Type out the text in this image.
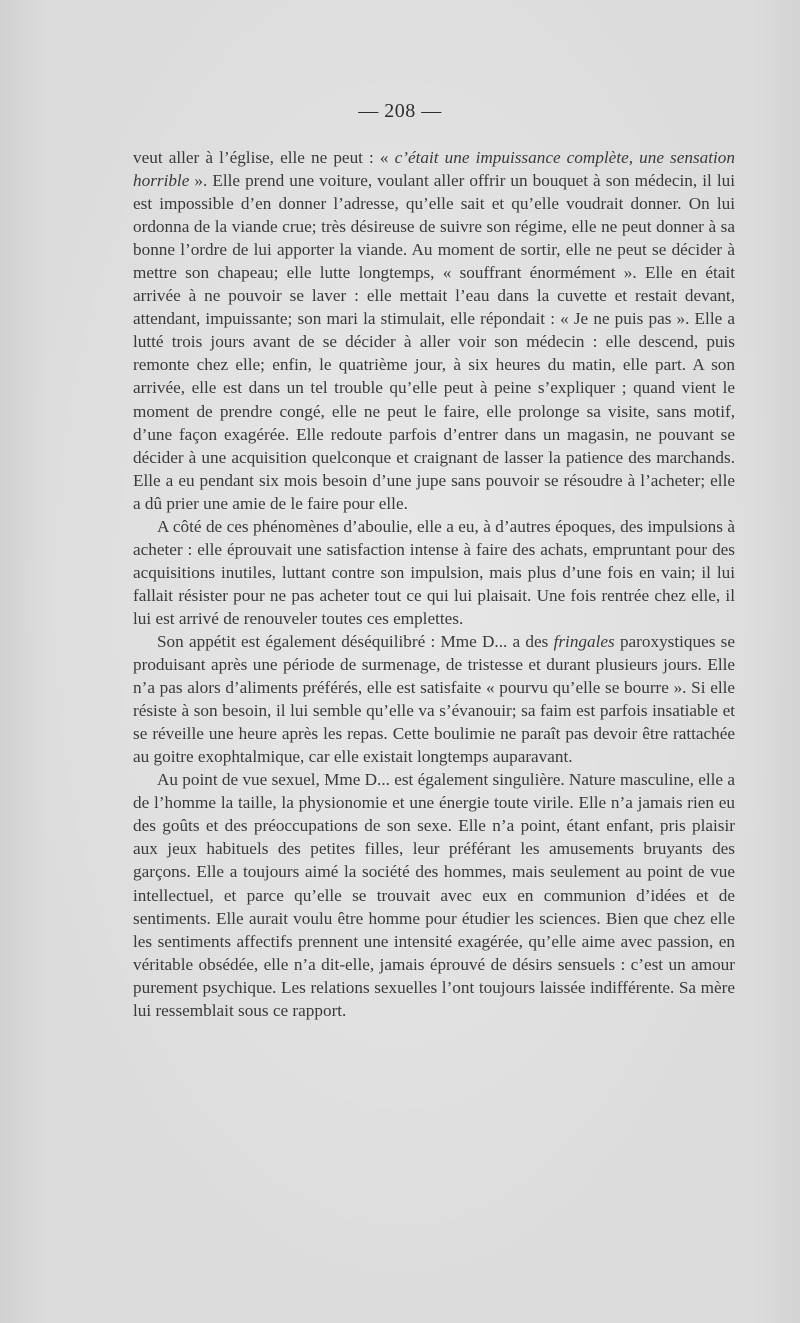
— 208 —

veut aller à l’église, elle ne peut : « c’était une impuissance complète, une sensation horrible ». Elle prend une voiture, voulant aller offrir un bouquet à son médecin, il lui est impossible d’en donner l’adresse, qu’elle sait et qu’elle voudrait donner. On lui ordonna de la viande crue; très désireuse de suivre son régime, elle ne peut donner à sa bonne l’ordre de lui apporter la viande. Au moment de sortir, elle ne peut se décider à mettre son chapeau; elle lutte longtemps, « souffrant énormément ». Elle en était arrivée à ne pouvoir se laver : elle mettait l’eau dans la cuvette et restait devant, attendant, impuissante; son mari la stimulait, elle répondait : « Je ne puis pas ». Elle a lutté trois jours avant de se décider à aller voir son médecin : elle descend, puis remonte chez elle; enfin, le quatrième jour, à six heures du matin, elle part. A son arrivée, elle est dans un tel trouble qu’elle peut à peine s’expliquer ; quand vient le moment de prendre congé, elle ne peut le faire, elle prolonge sa visite, sans motif, d’une façon exagérée. Elle redoute parfois d’entrer dans un magasin, ne pouvant se décider à une acquisition quelconque et craignant de lasser la patience des marchands. Elle a eu pendant six mois besoin d’une jupe sans pouvoir se résoudre à l’acheter; elle a dû prier une amie de le faire pour elle.

A côté de ces phénomènes d’aboulie, elle a eu, à d’autres époques, des impulsions à acheter : elle éprouvait une satisfaction intense à faire des achats, empruntant pour des acquisitions inutiles, luttant contre son impulsion, mais plus d’une fois en vain; il lui fallait résister pour ne pas acheter tout ce qui lui plaisait. Une fois rentrée chez elle, il lui est arrivé de renouveler toutes ces emplettes.

Son appétit est également déséquilibré : Mme D... a des fringales paroxystiques se produisant après une période de surmenage, de tristesse et durant plusieurs jours. Elle n’a pas alors d’aliments préférés, elle est satisfaite « pourvu qu’elle se bourre ». Si elle résiste à son besoin, il lui semble qu’elle va s’évanouir; sa faim est parfois insatiable et se réveille une heure après les repas. Cette boulimie ne paraît pas devoir être rattachée au goitre exophtalmique, car elle existait longtemps auparavant.

Au point de vue sexuel, Mme D... est également singulière. Nature masculine, elle a de l’homme la taille, la physionomie et une énergie toute virile. Elle n’a jamais rien eu des goûts et des préoccupations de son sexe. Elle n’a point, étant enfant, pris plaisir aux jeux habituels des petites filles, leur préférant les amusements bruyants des garçons. Elle a toujours aimé la société des hommes, mais seulement au point de vue intellectuel, et parce qu’elle se trouvait avec eux en communion d’idées et de sentiments. Elle aurait voulu être homme pour étudier les sciences. Bien que chez elle les sentiments affectifs prennent une intensité exagérée, qu’elle aime avec passion, en véritable obsédée, elle n’a dit-elle, jamais éprouvé de désirs sensuels : c’est un amour purement psychique. Les relations sexuelles l’ont toujours laissée indifférente. Sa mère lui ressemblait sous ce rapport.
